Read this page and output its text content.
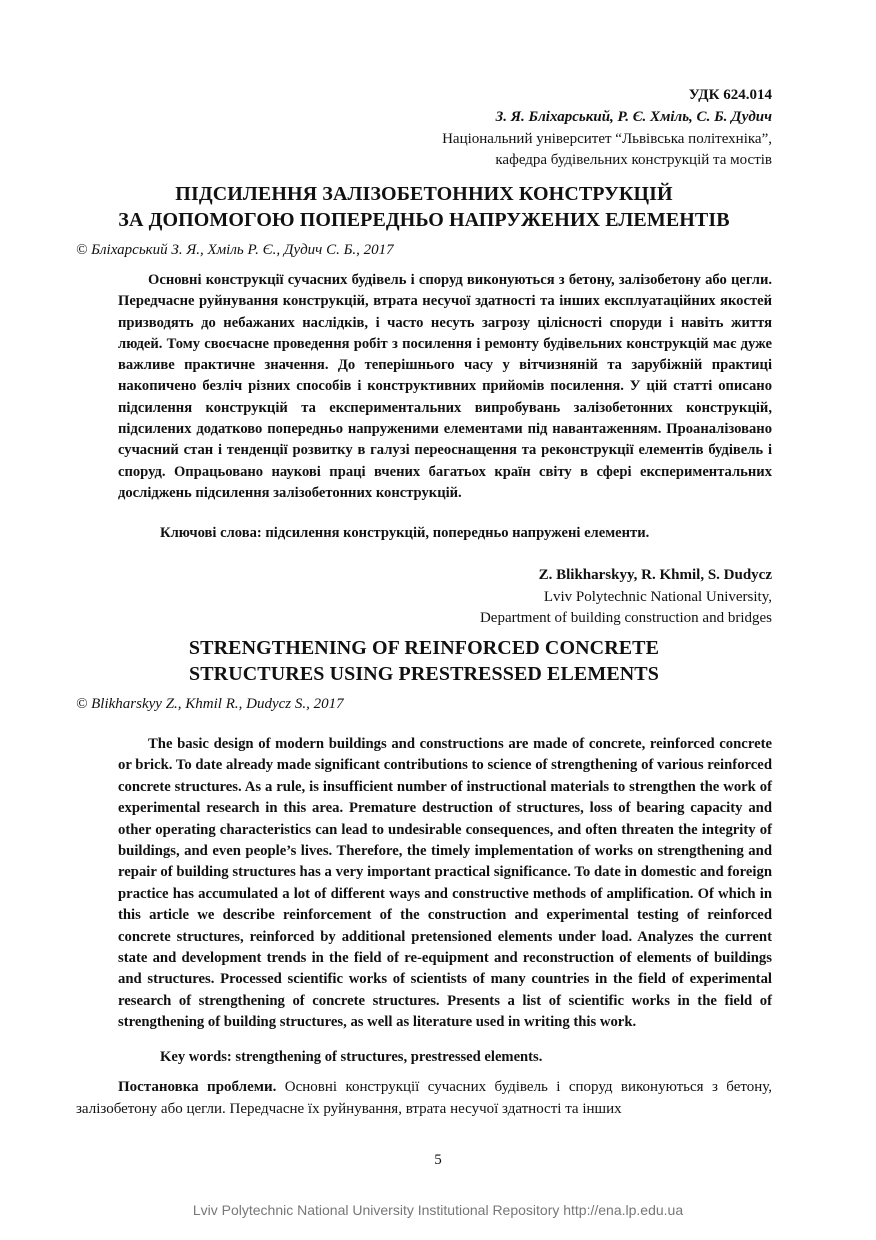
УДК 624.014
З. Я. Бліхарський, Р. Є. Хміль, С. Б. Дудич
Національний університет “Львівська політехніка”,
кафедра будівельних конструкцій та мостів
ПІДСИЛЕННЯ ЗАЛІЗОБЕТОННИХ КОНСТРУКЦІЙ
ЗА ДОПОМОГОЮ ПОПЕРЕДНЬО НАПРУЖЕНИХ ЕЛЕМЕНТІВ
© Бліхарський З. Я., Хміль Р. Є., Дудич С. Б., 2017
Основні конструкції сучасних будівель і споруд виконуються з бетону, залізобетону або цегли. Передчасне руйнування конструкцій, втрата несучої здатності та інших експлуатаційних якостей призводять до небажаних наслідків, і часто несуть загрозу цілісності споруди і навіть життя людей. Тому своєчасне проведення робіт з посилення і ремонту будівельних конструкцій має дуже важливе практичне значення. До теперішнього часу у вітчизняній та зарубіжній практиці накопичено безліч різних способів і конструктивних прийомів посилення. У цій статті описано підсилення конструкцій та експериментальних випробувань залізобетонних конструкцій, підсилених додатково попередньо напруженими елементами під навантаженням. Проаналізовано сучасний стан і тенденції розвитку в галузі переоснащення та реконструкції елементів будівель і споруд. Опрацьовано наукові праці вчених багатьох країн світу в сфері експериментальних досліджень підсилення залізобетонних конструкцій.
Ключові слова: підсилення конструкцій, попередньо напружені елементи.
Z. Blikharskyy, R. Khmil, S. Dudycz
Lviv Polytechnic National University,
Department of building construction and bridges
STRENGTHENING OF REINFORCED CONCRETE
STRUCTURES USING PRESTRESSED ELEMENTS
© Blikharskyy Z., Khmil R., Dudycz S., 2017
The basic design of modern buildings and constructions are made of concrete, reinforced concrete or brick. To date already made significant contributions to science of strengthening of various reinforced concrete structures. As a rule, is insufficient number of instructional materials to strengthen the work of experimental research in this area. Premature destruction of structures, loss of bearing capacity and other operating characteristics can lead to undesirable consequences, and often threaten the integrity of buildings, and even people’s lives. Therefore, the timely implementation of works on strengthening and repair of building structures has a very important practical significance. To date in domestic and foreign practice has accumulated a lot of different ways and constructive methods of amplification. Of which in this article we describe reinforcement of the construction and experimental testing of reinforced concrete structures, reinforced by additional pretensioned elements under load. Analyzes the current state and development trends in the field of re-equipment and reconstruction of elements of buildings and structures. Processed scientific works of scientists of many countries in the field of experimental research of strengthening of concrete structures. Presents a list of scientific works in the field of strengthening of building structures, as well as literature used in writing this work.
Key words: strengthening of structures, prestressed elements.
Постановка проблеми. Основні конструкції сучасних будівель і споруд виконуються з бетону, залізобетону або цегли. Передчасне їх руйнування, втрата несучої здатності та інших
5
Lviv Polytechnic National University Institutional Repository http://ena.lp.edu.ua
